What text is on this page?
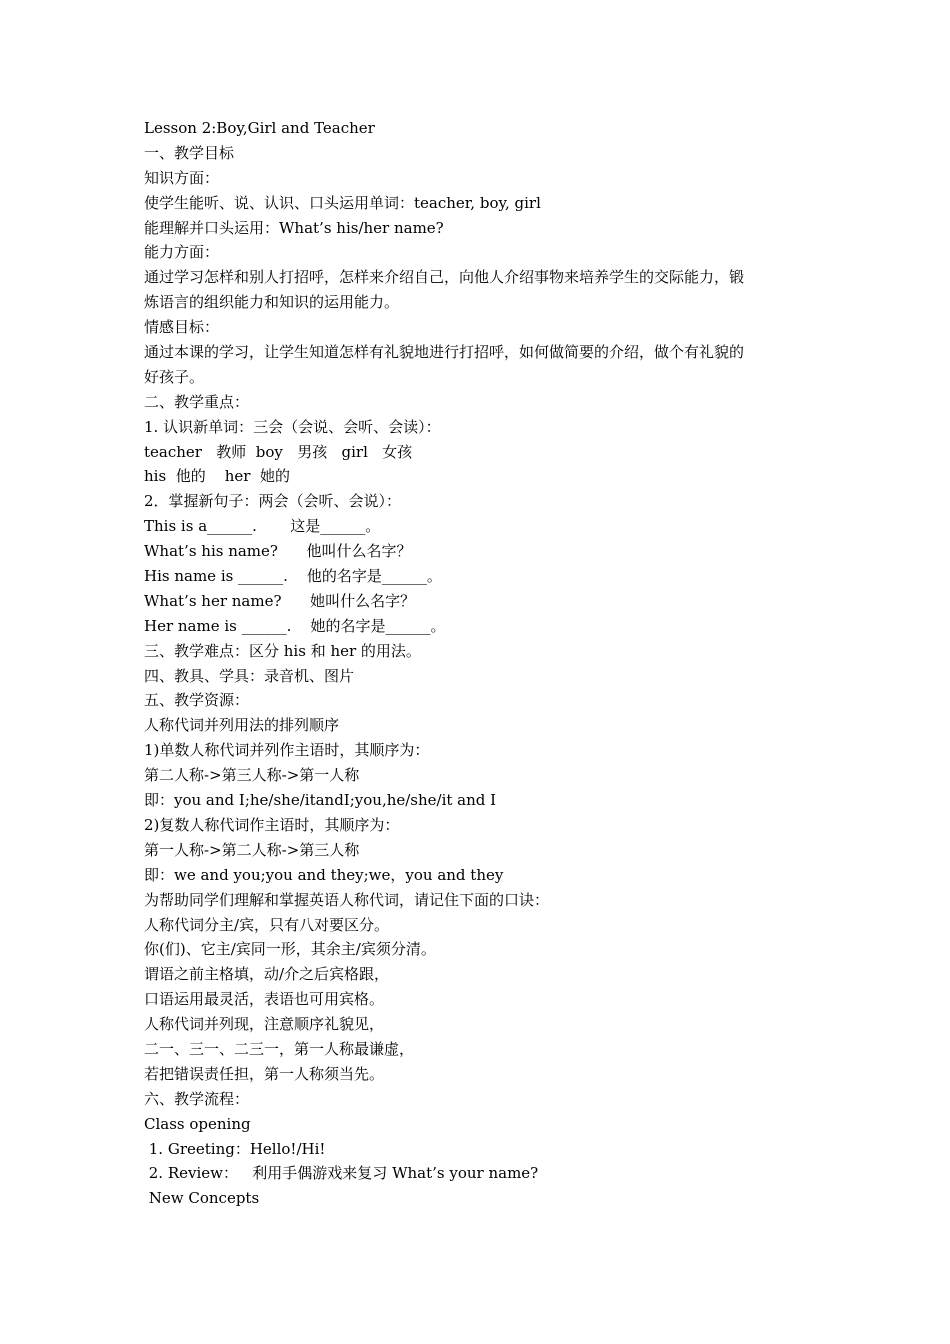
Lesson 2:Boy,Girl and Teacher
一、教学目标
知识方面：
使学生能听、说、认识、口头运用单词：teacher, boy, girl
能理解并口头运用：What’s his/her name?
能力方面：
通过学习怎样和别人打招呼，怎样来介绍自己，向他人介绍事物来培养学生的交际能力，锻
炼语言的组织能力和知识的运用能力。
情感目标：
通过本课的学习，让学生知道怎样有礼貌地进行打招呼，如何做简要的介绍，做个有礼貌的
好孩子。
二、教学重点：
1. 认识新单词：三会（会说、会听、会读）：
teacher   教师  boy   男孩   girl   女孩
his  他的    her  她的
2．掌握新句子：两会（会听、会说）：
This is a______.       这是______。
What’s his name?      他叫什么名字？
His name is ______.    他的名字是______。
What’s her name?      她叫什么名字？
Her name is ______.    她的名字是______。
三、教学难点：区分 his 和 her 的用法。
四、教具、学具：录音机、图片
五、教学资源：
人称代词并列用法的排列顺序
1)单数人称代词并列作主语时，其顺序为：
第二人称->第三人称->第一人称
即：you and I;he/she/itandI;you,he/she/it and I
2)复数人称代词作主语时，其顺序为：
第一人称->第二人称->第三人称
即：we and you;you and they;we，you and they
为帮助同学们理解和掌握英语人称代词，请记住下面的口诀：
人称代词分主/宾，只有八对要区分。
你(们)、它主/宾同一形，其余主/宾须分清。
谓语之前主格填，动/介之后宾格跟，
口语运用最灵活，表语也可用宾格。
人称代词并列现，注意顺序礼貌见，
二一、三一、二三一，第一人称最谦虚，
若把错误责任担，第一人称须当先。
六、教学流程：
Class opening
1. Greeting：Hello!/Hi!
2. Review：   利用手偶游戏来复习 What’s your name?
New Concepts
